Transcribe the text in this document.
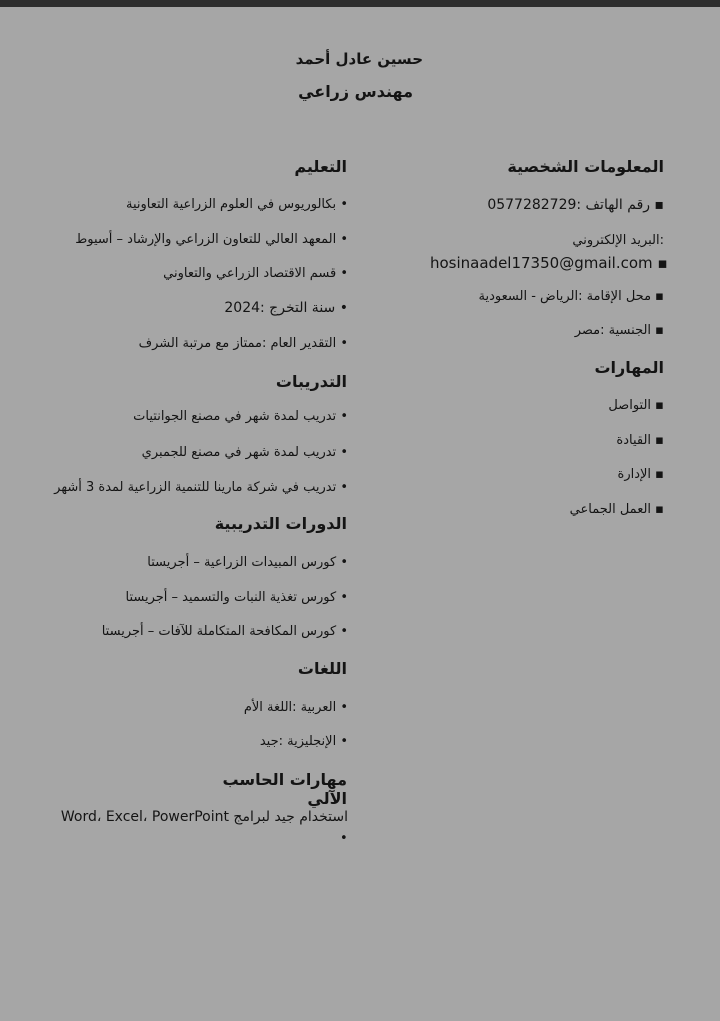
حسين عادل أحمد
مهندس زراعي
المعلومات الشخصية
▪ رقم الهاتف :0577282729
:البريد الإلكتروني
hosinaadel17350@gmail.com ▪
▪ محل الإقامة :الرياض - السعودية
▪ الجنسية :مصر
المهارات
▪ التواصل
▪ القيادة
▪ الإدارة
▪ العمل الجماعي
التعليم
• بكالوريوس في العلوم الزراعية التعاونية
• المعهد العالي للتعاون الزراعي والإرشاد – أسيوط
• قسم الاقتصاد الزراعي والتعاوني
• سنة التخرج :2024
• التقدير العام :ممتاز مع مرتبة الشرف
التدريبات
• تدريب لمدة شهر في مصنع الجوانتيات
• تدريب لمدة شهر في مصنع للجمبري
• تدريب في شركة مارينا للتنمية الزراعية لمدة 3 أشهر
الدورات التدريبية
• كورس المبيدات الزراعية – أجريستا
• كورس تغذية النبات والتسميد – أجريستا
• كورس المكافحة المتكاملة للآفات – أجريستا
اللغات
• العربية :اللغة الأم
• الإنجليزية :جيد
مهارات الحاسب الآلي
استخدام جيد لبرامج Word، Excel، PowerPoint
•
